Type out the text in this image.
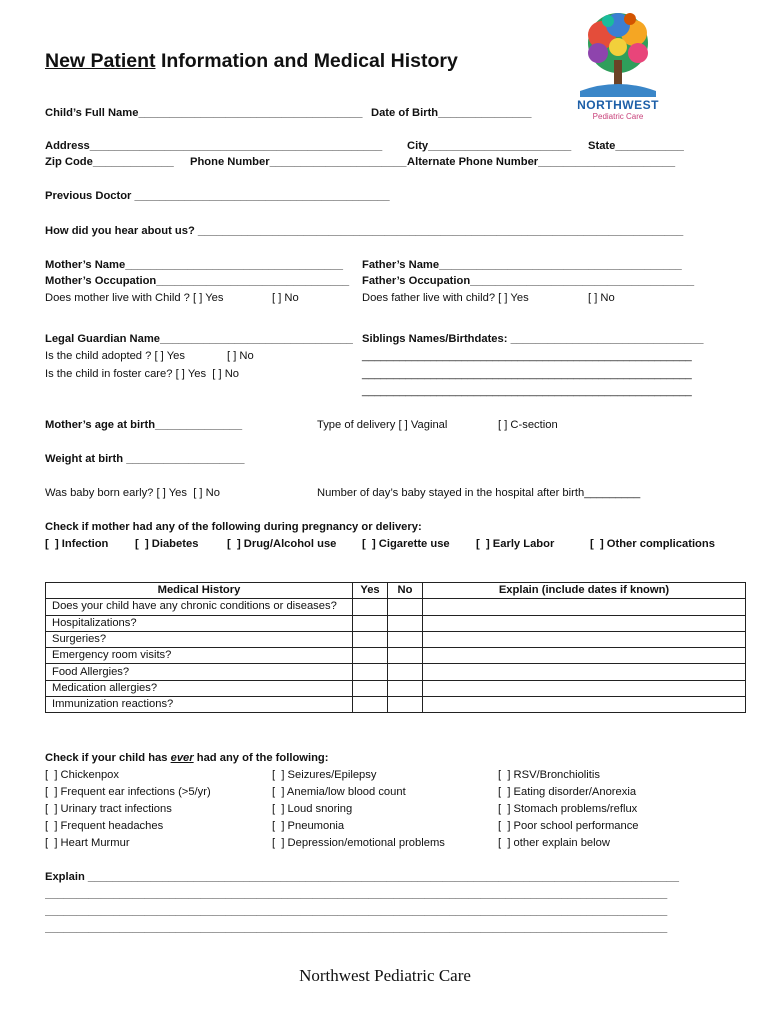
New Patient Information and Medical History
NORTHWEST
Pediatric Care
Child’s Full Name____________________________________ Date of Birth_______________
Address_______________________________________________ City_______________________ State___________
Zip Code_____________ Phone Number______________________ Alternate Phone Number______________________
Previous Doctor _________________________________________
How did you hear about us? ______________________________________________________________________________
Mother’s Name___________________________________ Father’s Name_______________________________________
Mother’s Occupation_______________________________ Father’s Occupation____________________________________
Does mother live with Child ? [ ] Yes	[ ] No	Does father live with child? [ ] Yes	[ ] No
Legal Guardian Name_______________________________ Siblings Names/Birthdates: _______________________________
Is the child adopted ? [ ] Yes	[ ] No	_____________________________________________________
Is the child in foster care? [ ] Yes  [ ] No	_____________________________________________________
_____________________________________________________
Mother’s age at birth______________	Type of delivery [ ] Vaginal	[ ] C-section
Weight at birth ___________________
Was baby born early? [ ] Yes  [ ] No	Number of day’s baby stayed in the hospital after birth_________
Check if mother had any of the following during pregnancy or delivery:
[  ] Infection [  ] Diabetes	[  ] Drug/Alcohol use [  ] Cigarette use [  ] Early Labor	[  ] Other complications
Medical History	Yes	No	Explain (include dates if known)
Does your child have any chronic conditions or diseases?			
Hospitalizations?			
Surgeries?			
Emergency room visits?			
Food Allergies?			
Medication allergies?			
Immunization reactions?			
Check if your child has ever had any of the following:
[  ] Chickenpox
[  ] Frequent ear infections (>5/yr)
[  ] Urinary tract infections
[  ] Frequent headaches
[  ] Heart Murmur
[  ] Seizures/Epilepsy
[  ] Anemia/low blood count
[  ] Loud snoring
[  ] Pneumonia
[  ] Depression/emotional problems
[  ] RSV/Bronchiolitis
[  ] Eating disorder/Anorexia
[  ] Stomach problems/reflux
[  ] Poor school performance
[  ] other explain below
Explain _______________________________________________________________________________________________
____________________________________________________________________________________________________
____________________________________________________________________________________________________
____________________________________________________________________________________________________
Northwest Pediatric Care
